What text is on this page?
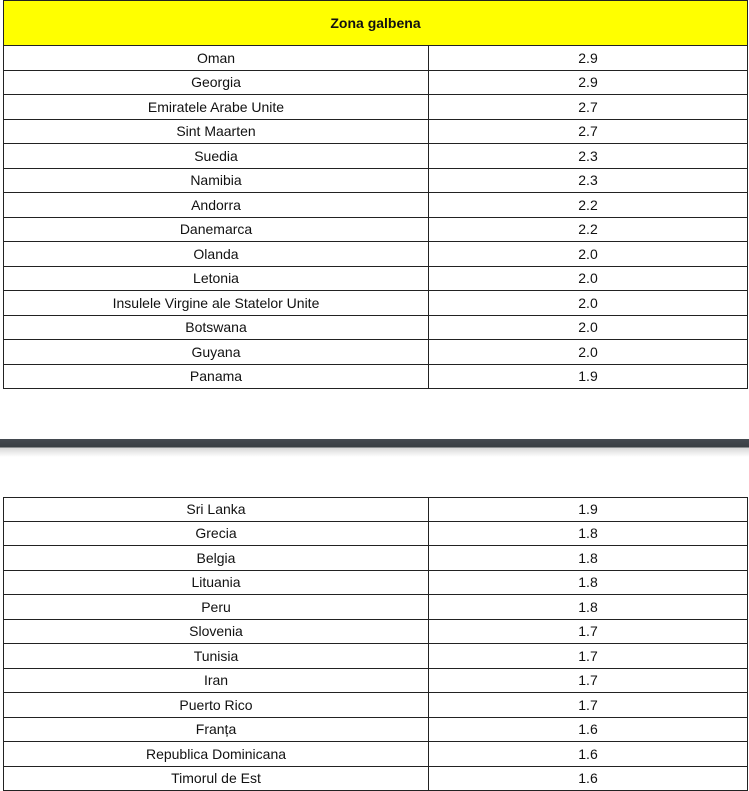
Zona galbena
Oman	2.9
Georgia	2.9
Emiratele Arabe Unite	2.7
Sint Maarten	2.7
Suedia	2.3
Namibia	2.3
Andorra	2.2
Danemarca	2.2
Olanda	2.0
Letonia	2.0
Insulele Virgine ale Statelor Unite	2.0
Botswana	2.0
Guyana	2.0
Panama	1.9
Sri Lanka	1.9
Grecia	1.8
Belgia	1.8
Lituania	1.8
Peru	1.8
Slovenia	1.7
Tunisia	1.7
Iran	1.7
Puerto Rico	1.7
Franța	1.6
Republica Dominicana	1.6
Timorul de Est	1.6
